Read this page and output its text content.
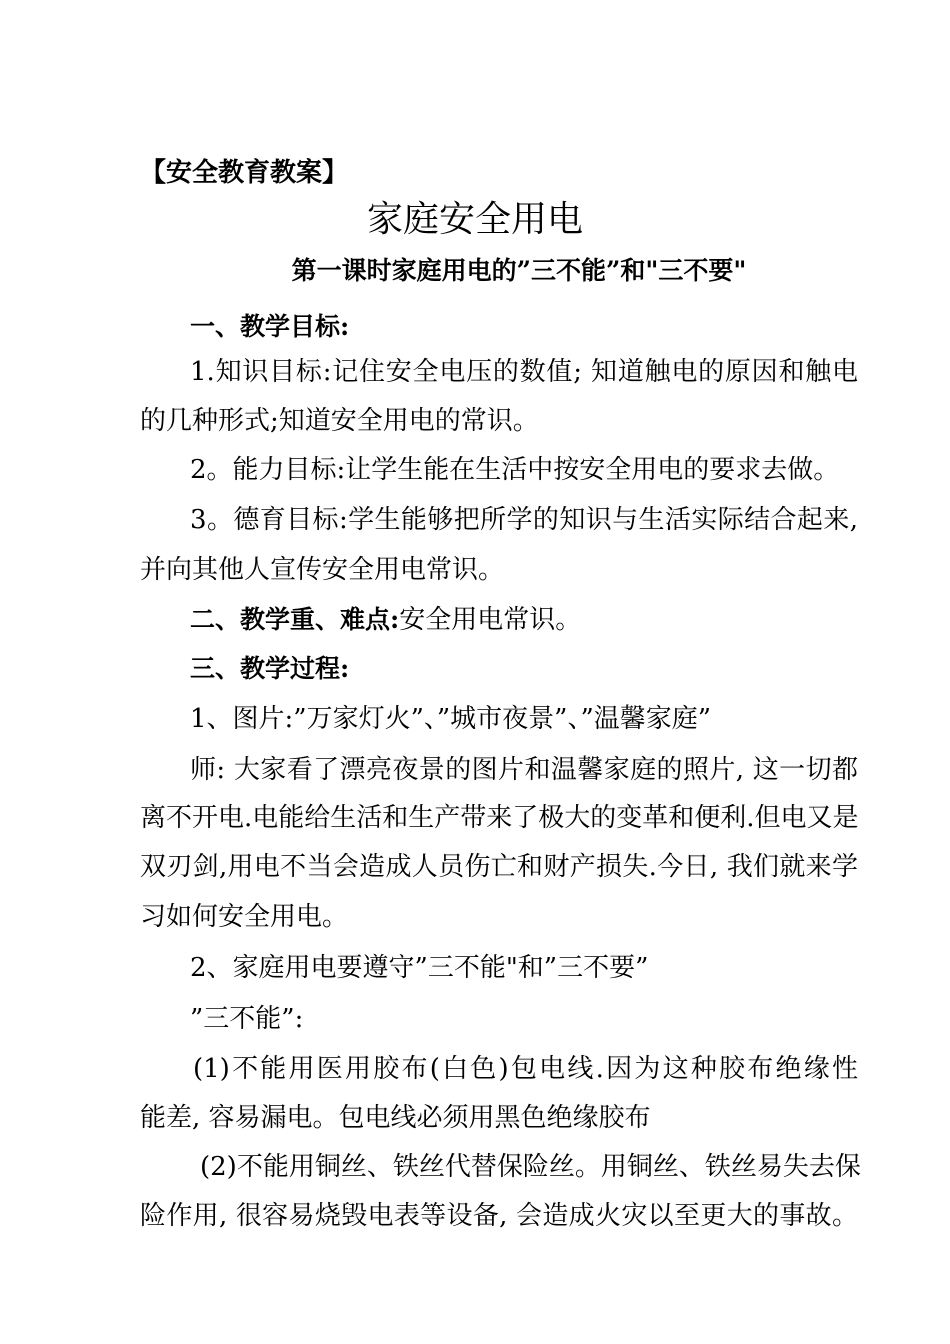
【安全教育教案】
家庭安全用电
第一课时家庭用电的”三不能”和"三不要"
一、教学目标:
1.知识目标:记住安全电压的数值; 知道触电的原因和触电
的几种形式;知道安全用电的常识。
2。能力目标:让学生能在生活中按安全用电的要求去做。
3。德育目标:学生能够把所学的知识与生活实际结合起来,
并向其他人宣传安全用电常识。
二、教学重、难点:安全用电常识。
三、教学过程:
1、图片:”万家灯火”、”城市夜景”、”温馨家庭”
师: 大家看了漂亮夜景的图片和温馨家庭的照片, 这一切都
离不开电.电能给生活和生产带来了极大的变革和便利.但电又是
双刃剑,用电不当会造成人员伤亡和财产损失.今日, 我们就来学
习如何安全用电。
2、家庭用电要遵守”三不能"和”三不要”
”三不能”:
(1)不能用医用胶布(白色)包电线.因为这种胶布绝缘性
能差, 容易漏电。包电线必须用黑色绝缘胶布
(2)不能用铜丝、铁丝代替保险丝。用铜丝、铁丝易失去保
险作用, 很容易烧毁电表等设备, 会造成火灾以至更大的事故。
